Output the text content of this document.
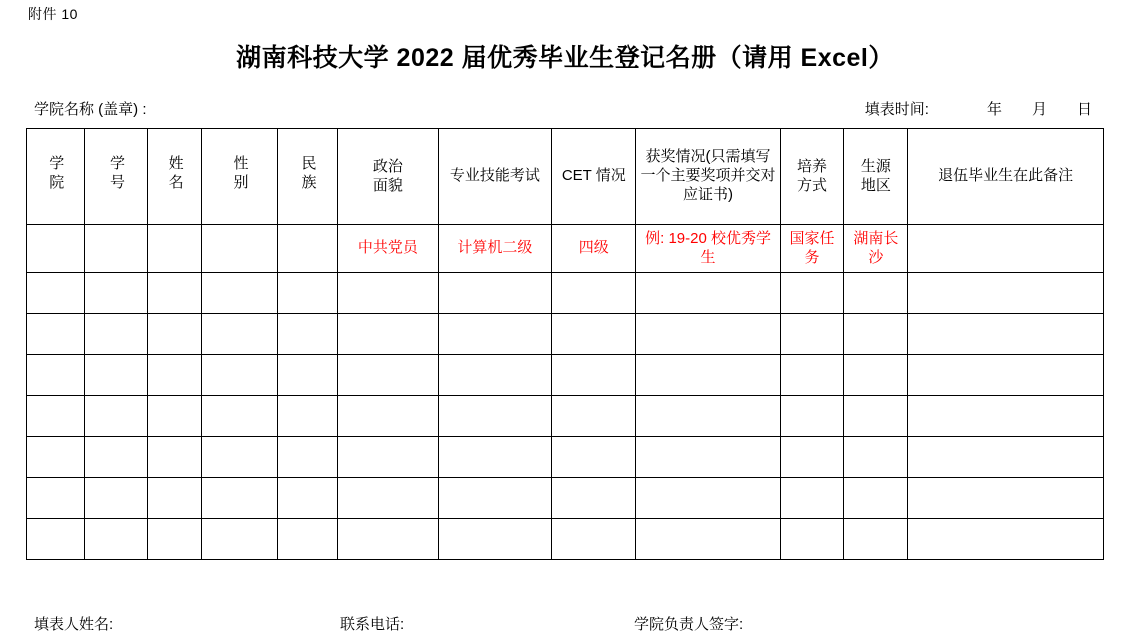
附件 10
湖南科技大学 2022 届优秀毕业生登记名册（请用 Excel）
学院名称 (盖章) :	填表时间:	年 月 日
学院	学号	姓名	性别	民族	政治面貌	专业技能考试	CET 情况	获奖情况(只需填写一个主要奖项并交对应证书)	培养方式	生源地区	退伍毕业生在此备注
					中共党员	计算机二级	四级	例: 19-20 校优秀学生	国家任务	湖南长沙	

填表人姓名:	联系电话:	学院负责人签字:
